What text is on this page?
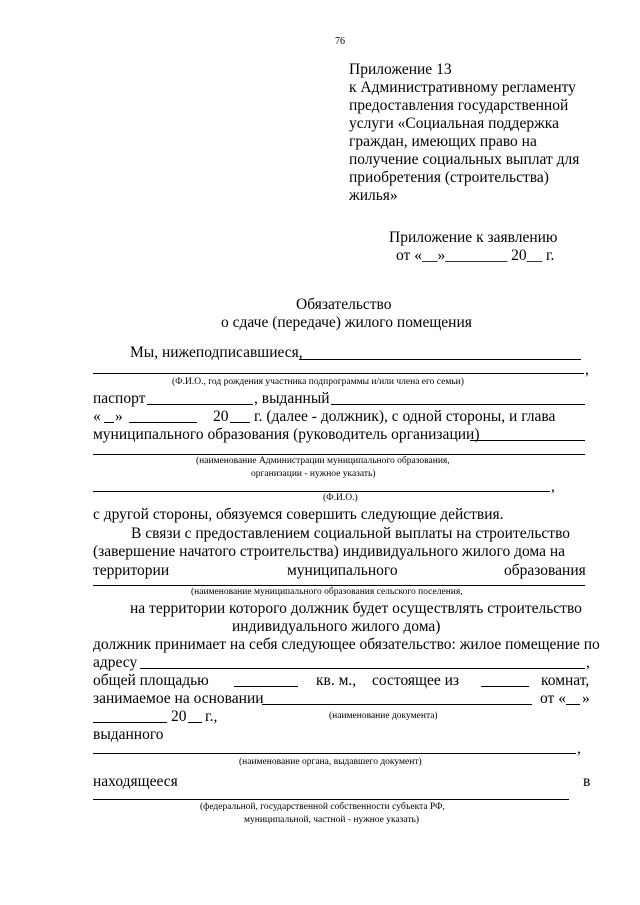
76
Приложение 13
к Административному регламенту
предоставления государственной
услуги «Социальная поддержка
граждан, имеющих право на
получение социальных выплат для
приобретения (строительства)
жилья»
Приложение к заявлению
от «__»________ 20__ г.
Обязательство
о сдаче (передаче) жилого помещения
Мы, нижеподписавшиеся,
,
(Ф.И.О., год рождения участника подпрограммы и/или члена его семьи)
паспорт	, выданный
« »	20 г. (далее - должник), с одной стороны, и глава
муниципального образования (руководитель организации)
(наименование Администрации муниципального образования,
организации - нужное указать)
,
(Ф.И.О.)
с другой стороны, обязуемся совершить следующие действия.
В связи с предоставлением социальной выплаты на строительство
(завершение начатого строительства) индивидуального жилого дома на
территории	муниципального	образования
(наименование муниципального образования сельского поселения,
на территории которого должник будет осуществлять строительство
индивидуального жилого дома)
должник принимает на себя следующее обязательство: жилое помещение по
адресу	,
общей площадью	кв. м., состоящее из	комнат,
занимаемое на основании	от « »
20 г.,	(наименование документа)
выданного
,
(наименование органа, выдавшего документ)
находящееся	в
(федеральной, государственной собственности субъекта РФ,
муниципальной, частной - нужное указать)
